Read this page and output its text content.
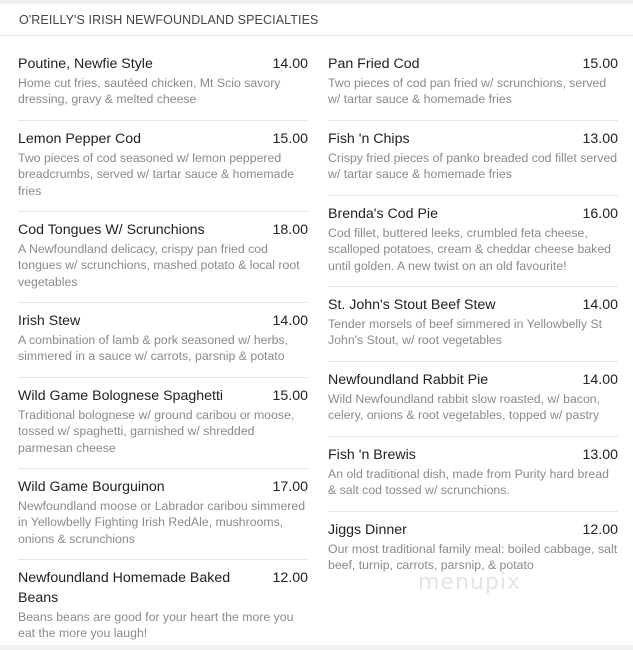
O'REILLY'S IRISH NEWFOUNDLAND SPECIALTIES
Poutine, Newfie Style	14.00
Home cut fries, sautéed chicken, Mt Scio savory dressing, gravy & melted cheese
Lemon Pepper Cod	15.00
Two pieces of cod seasoned w/ lemon peppered breadcrumbs, served w/ tartar sauce & homemade fries
Cod Tongues W/ Scrunchions	18.00
A Newfoundland delicacy, crispy pan fried cod tongues w/ scrunchions, mashed potato & local root vegetables
Irish Stew	14.00
A combination of lamb & pork seasoned w/ herbs, simmered in a sauce w/ carrots, parsnip & potato
Wild Game Bolognese Spaghetti	15.00
Traditional bolognese w/ ground caribou or moose, tossed w/ spaghetti, garnished w/ shredded parmesan cheese
Wild Game Bourguinon	17.00
Newfoundland moose or Labrador caribou simmered in Yellowbelly Fighting Irish RedAle, mushrooms, onions & scrunchions
Newfoundland Homemade Baked Beans
12.00
Beans beans are good for your heart the more you eat the more you laugh!
Pan Fried Cod	15.00
Two pieces of cod pan fried w/ scrunchions, served w/ tartar sauce & homemade fries
Fish 'n Chips	13.00
Crispy fried pieces of panko breaded cod fillet served w/ tartar sauce & homemade fries
Brenda's Cod Pie	16.00
Cod fillet, buttered leeks, crumbled feta cheese, scalloped potatoes, cream & cheddar cheese baked until golden. A new twist on an old favourite!
St. John's Stout Beef Stew	14.00
Tender morsels of beef simmered in Yellowbelly St John's Stout, w/ root vegetables
Newfoundland Rabbit Pie	14.00
Wild Newfoundland rabbit slow roasted, w/ bacon, celery, onions & root vegetables, topped w/ pastry
Fish 'n Brewis	13.00
An old traditional dish, made from Purity hard bread & salt cod tossed w/ scrunchions.
Jiggs Dinner	12.00
Our most traditional family meal: boiled cabbage, salt beef, turnip, carrots, parsnip, & potato
menupix
